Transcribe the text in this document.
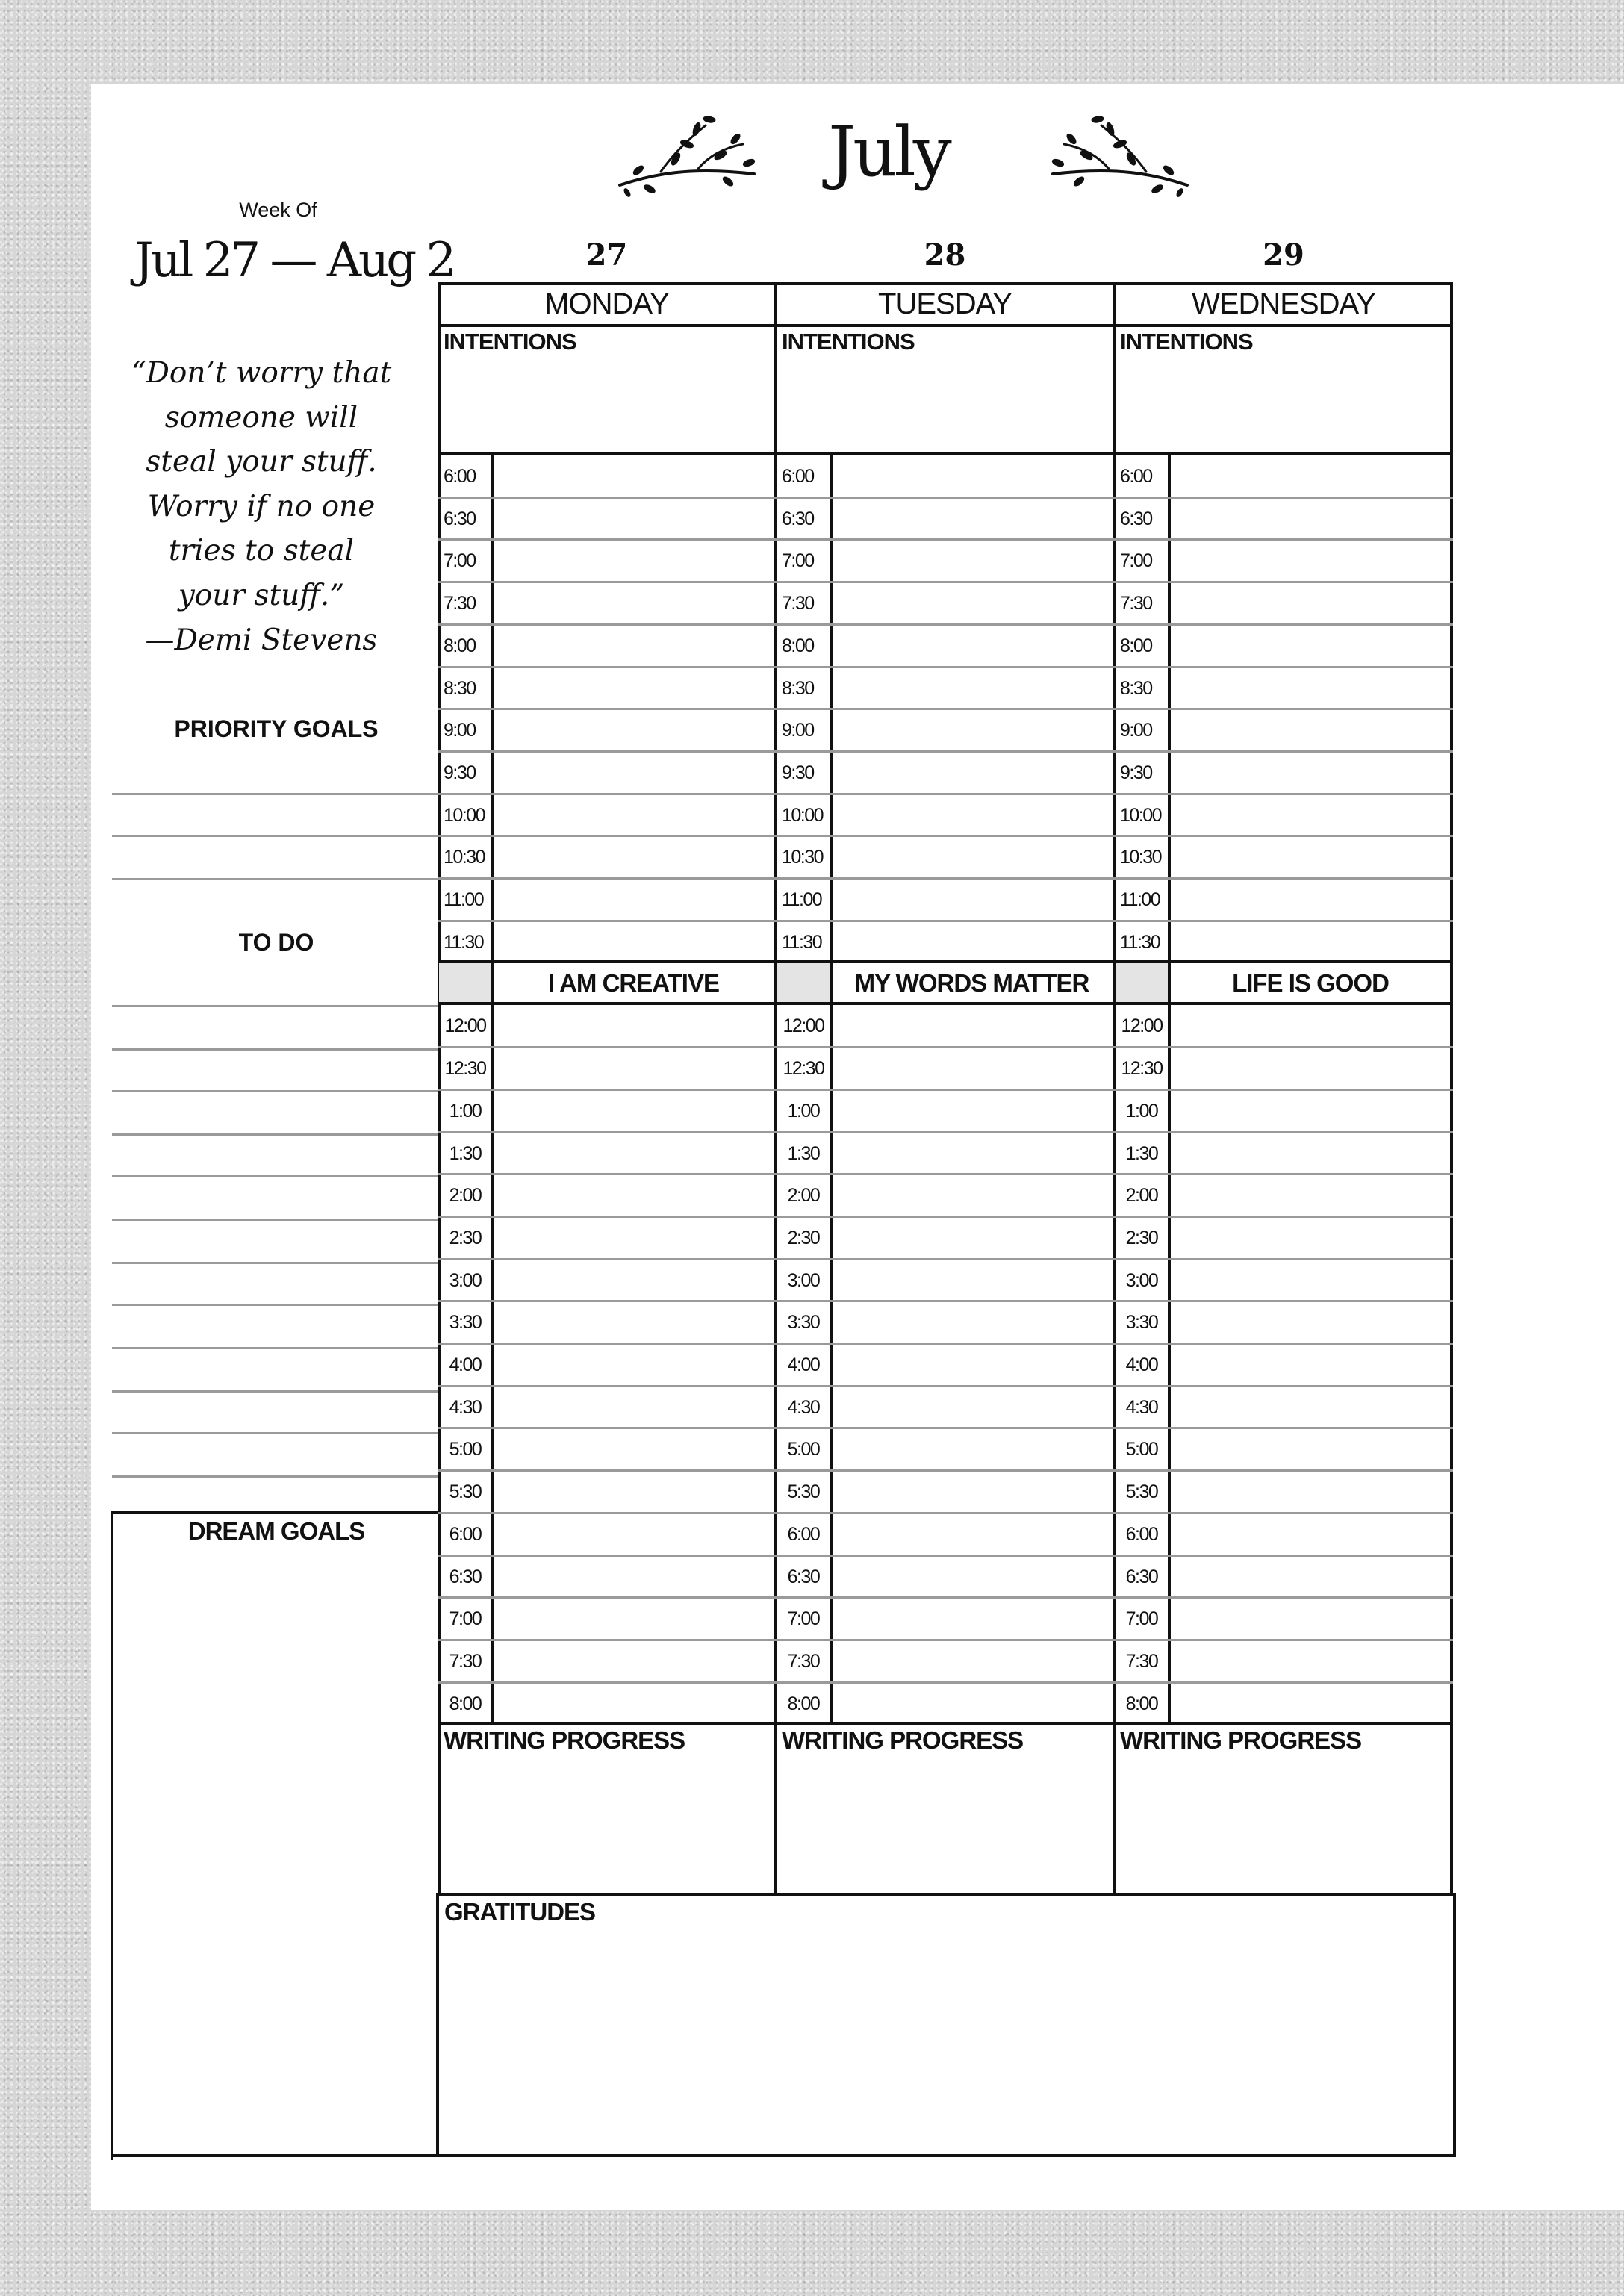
July
Week Of
Jul 27 — Aug 2
“Don’t worry that
someone will
steal your stuff.
Worry if no one
tries to steal
your stuff.”
—Demi Stevens
PRIORITY GOALS
TO DO
DREAM GOALS
27	28	29
MONDAY
INTENTIONS
6:00
6:30
7:00
7:30
8:00
8:30
9:00
9:30
10:00
10:30
11:00
11:30
I AM CREATIVE
12:00
12:30
1:00
1:30
2:00
2:30
3:00
3:30
4:00
4:30
5:00
5:30
6:00
6:30
7:00
7:30
8:00
WRITING PROGRESS
TUESDAY
INTENTIONS
6:00
6:30
7:00
7:30
8:00
8:30
9:00
9:30
10:00
10:30
11:00
11:30
MY WORDS MATTER
12:00
12:30
1:00
1:30
2:00
2:30
3:00
3:30
4:00
4:30
5:00
5:30
6:00
6:30
7:00
7:30
8:00
WRITING PROGRESS
WEDNESDAY
INTENTIONS
6:00
6:30
7:00
7:30
8:00
8:30
9:00
9:30
10:00
10:30
11:00
11:30
LIFE IS GOOD
12:00
12:30
1:00
1:30
2:00
2:30
3:00
3:30
4:00
4:30
5:00
5:30
6:00
6:30
7:00
7:30
8:00
WRITING PROGRESS
GRATITUDES
